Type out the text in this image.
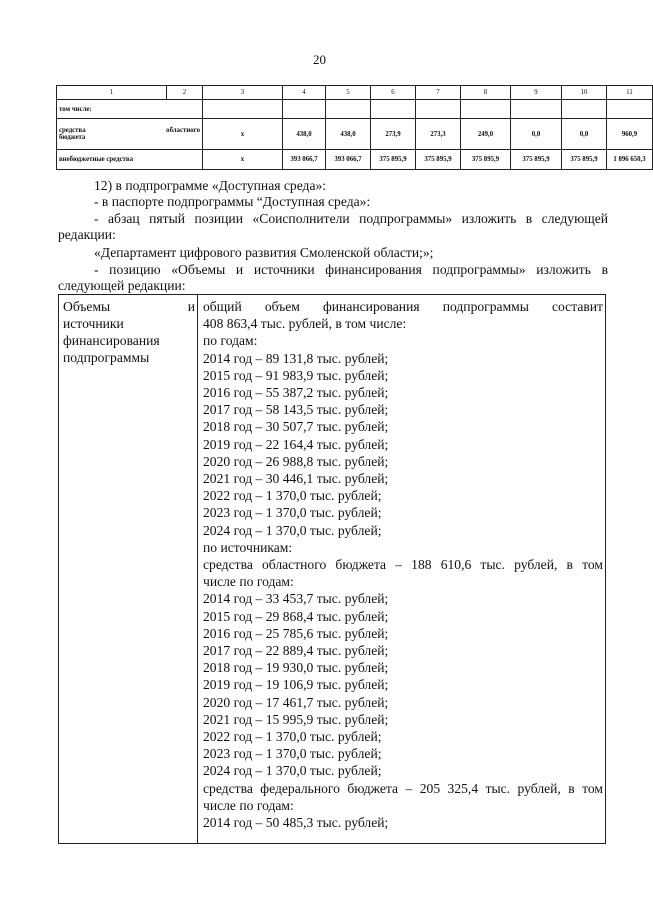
20
1	2	3	4	5	6	7	8	9	10	11
том числе:										

средства областного
бюджета		х	438,0	438,0	273,9	273,3	249,0	0,0	0,0	960,9
внебюджетные средства		х	393 066,7	393 066,7	375 895,9	375 895,9	375 895,9	375 895,9	375 895,9	1 896 650,3
12) в подпрограмме «Доступная среда»:
- в паспорте подпрограммы “Доступная среда»:
- абзац пятый позиции «Соисполнители подпрограммы» изложить в следующей
редакции:
«Департамент цифрового развития Смоленской области;»;
- позицию «Объемы и источники финансирования подпрограммы» изложить в
следующей редакции:
Объемы	и
источники
финансирования
подпрограммы
общий объем финансирования подпрограммы составит
408 863,4 тыс. рублей, в том числе:
по годам:
2014 год – 89 131,8 тыс. рублей;
2015 год – 91 983,9 тыс. рублей;
2016 год – 55 387,2 тыс. рублей;
2017 год – 58 143,5 тыс. рублей;
2018 год – 30 507,7 тыс. рублей;
2019 год – 22 164,4 тыс. рублей;
2020 год – 26 988,8 тыс. рублей;
2021 год – 30 446,1 тыс. рублей;
2022 год – 1 370,0 тыс. рублей;
2023 год – 1 370,0 тыс. рублей;
2024 год – 1 370,0 тыс. рублей;
по источникам:
средства областного бюджета – 188 610,6 тыс. рублей, в том
числе по годам:
2014 год – 33 453,7 тыс. рублей;
2015 год – 29 868,4 тыс. рублей;
2016 год – 25 785,6 тыс. рублей;
2017 год – 22 889,4 тыс. рублей;
2018 год – 19 930,0 тыс. рублей;
2019 год – 19 106,9 тыс. рублей;
2020 год – 17 461,7 тыс. рублей;
2021 год – 15 995,9 тыс. рублей;
2022 год – 1 370,0 тыс. рублей;
2023 год – 1 370,0 тыс. рублей;
2024 год – 1 370,0 тыс. рублей;
средства федерального бюджета – 205 325,4 тыс. рублей, в том
числе по годам:
2014 год – 50 485,3 тыс. рублей;
